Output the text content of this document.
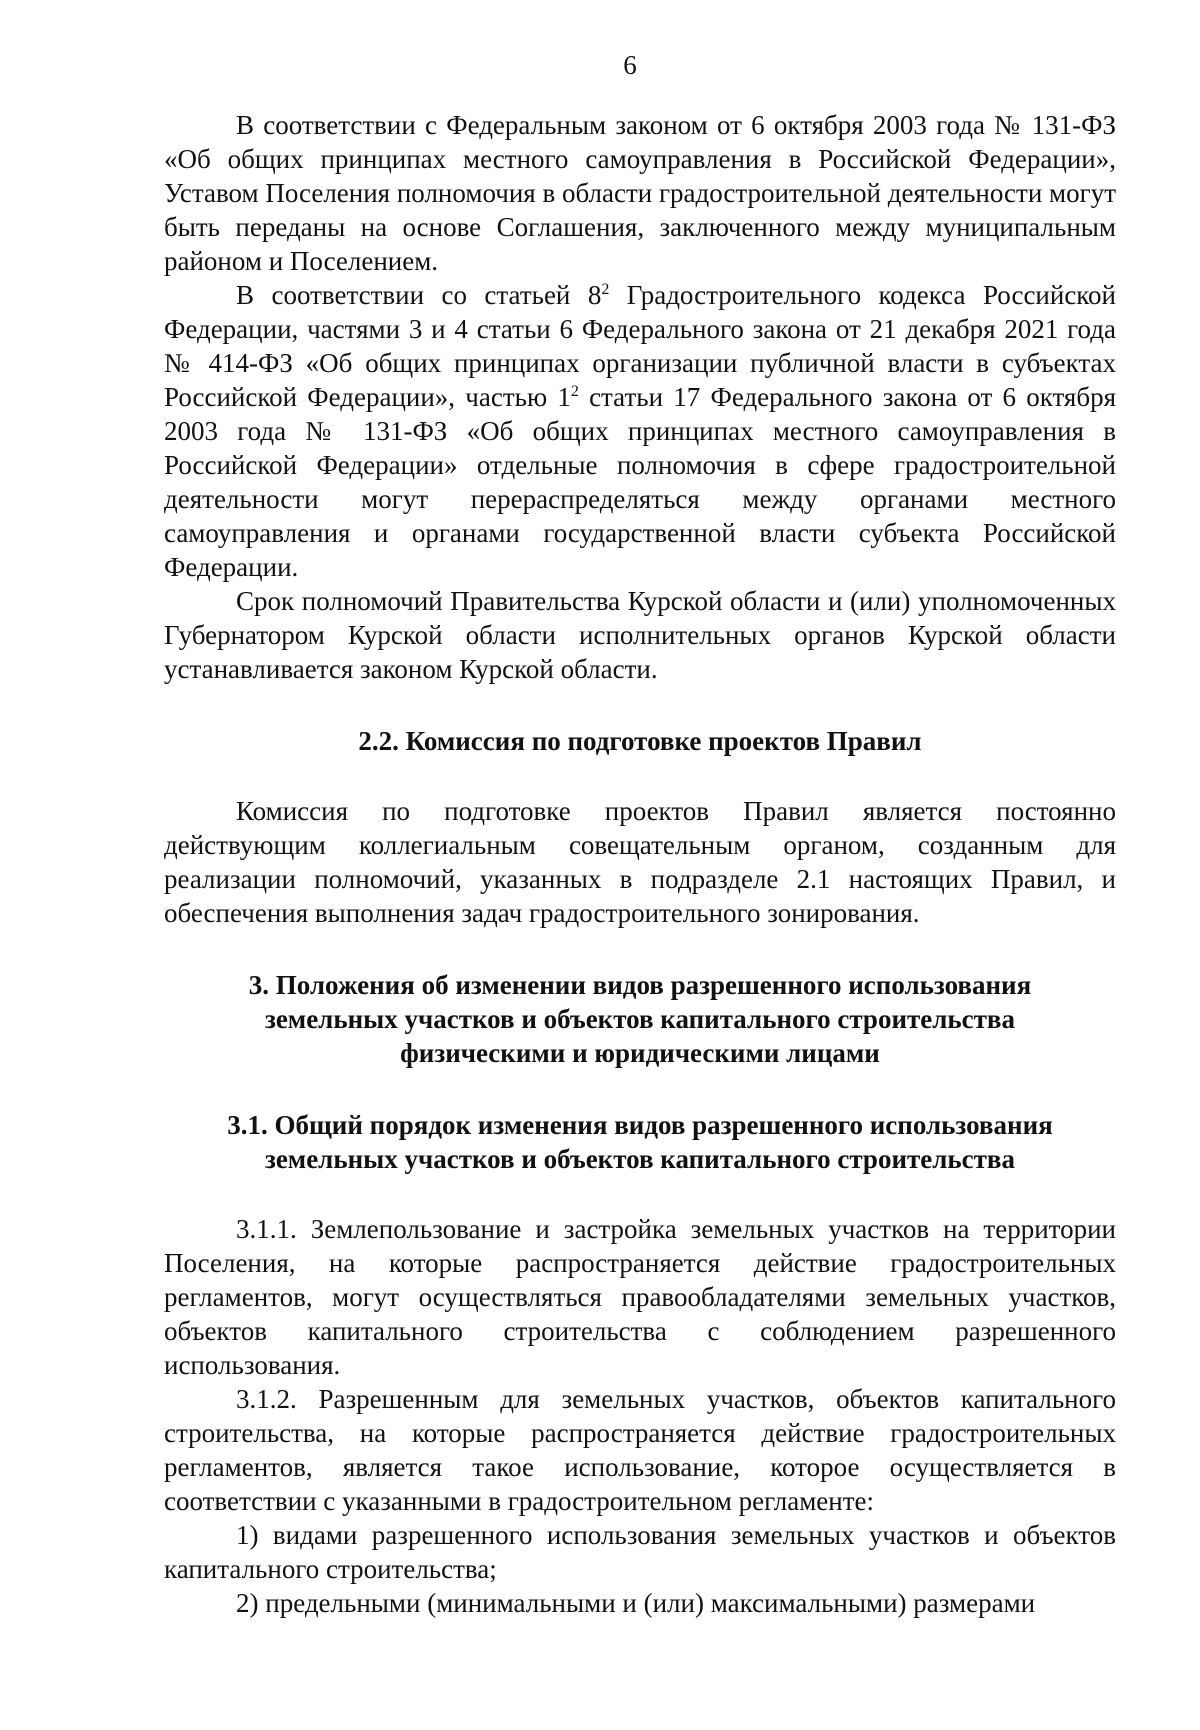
6

В соответствии с Федеральным законом от 6 октября 2003 года № 131-ФЗ «Об общих принципах местного самоуправления в Российской Федерации», Уставом Поселения полномочия в области градостроительной деятельности могут быть переданы на основе Соглашения, заключенного между муниципальным районом и Поселением.

В соответствии со статьей $8^2$ Градостроительного кодекса Российской Федерации, частями 3 и 4 статьи 6 Федерального закона от 21 декабря 2021 года № 414-ФЗ «Об общих принципах организации публичной власти в субъектах Российской Федерации», частью $1^2$ статьи 17 Федерального закона от 6 октября 2003 года № 131-ФЗ «Об общих принципах местного самоуправления в Российской Федерации» отдельные полномочия в сфере градостроительной деятельности могут перераспределяться между органами местного самоуправления и органами государственной власти субъекта Российской Федерации.

Срок полномочий Правительства Курской области и (или) уполномоченных Губернатором Курской области исполнительных органов Курской области устанавливается законом Курской области.

2.2. Комиссия по подготовке проектов Правил

Комиссия по подготовке проектов Правил является постоянно действующим коллегиальным совещательным органом, созданным для реализации полномочий, указанных в подразделе 2.1 настоящих Правил, и обеспечения выполнения задач градостроительного зонирования.

3. Положения об изменении видов разрешенного использования
земельных участков и объектов капитального строительства
физическими и юридическими лицами
3.1. Общий порядок изменения видов разрешенного использования
земельных участков и объектов капитального строительства

3.1.1. Землепользование и застройка земельных участков на территории Поселения, на которые распространяется действие градостроительных регламентов, могут осуществляться правообладателями земельных участков, объектов капитального строительства с соблюдением разрешенного использования.

3.1.2. Разрешенным для земельных участков, объектов капитального строительства, на которые распространяется действие градостроительных регламентов, является такое использование, которое осуществляется в соответствии с указанными в градостроительном регламенте:

1) видами разрешенного использования земельных участков и объектов капитального строительства;

2) предельными (минимальными и (или) максимальными) размерами
